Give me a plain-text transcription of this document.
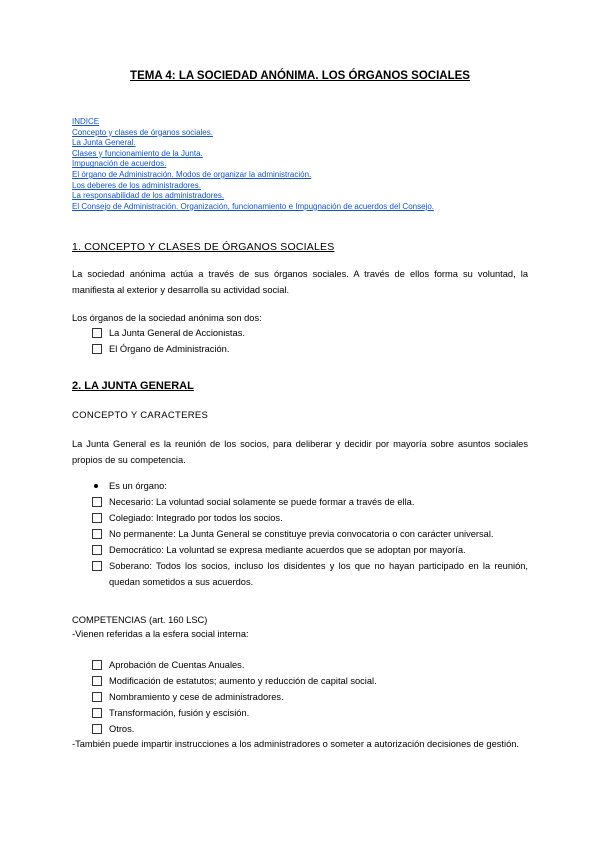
TEMA 4: LA SOCIEDAD ANÓNIMA. LOS ÓRGANOS SOCIALES
INDICE
Concepto y clases de órganos sociales.
La Junta General.
Clases y funcionamiento de la Junta.
Impugnación de acuerdos.
El órgano de Administración. Modos de organizar la administración.
Los deberes de los administradores.
La responsabilidad de los administradores.
El Consejo de Administración. Organización, funcionamiento e Impugnación de acuerdos del Consejo.
1. CONCEPTO Y CLASES DE ÓRGANOS SOCIALES
La sociedad anónima actúa a través de sus órganos sociales. A través de ellos forma su voluntad, la manifiesta al exterior y desarrolla su actividad social.
Los órganos de la sociedad anónima son dos:
La Junta General de Accionistas.
El Órgano de Administración.
2. LA JUNTA GENERAL
CONCEPTO Y CARACTERES
La Junta General es la reunión de los socios, para deliberar y decidir por mayoría sobre asuntos sociales propios de su competencia.
Es un órgano:
Necesario: La voluntad social solamente se puede formar a través de ella.
Colegiado: Integrado por todos los socios.
No permanente: La Junta General se constituye previa convocatoria o con carácter universal.
Democrático: La voluntad se expresa mediante acuerdos que se adoptan por mayoría.
Soberano: Todos los socios, incluso los disidentes y los que no hayan participado en la reunión, quedan sometidos a sus acuerdos.
COMPETENCIAS (art. 160 LSC)
-Vienen referidas a la esfera social interna:
Aprobación de Cuentas Anuales.
Modificación de estatutos; aumento y reducción de capital social.
Nombramiento y cese de administradores.
Transformación, fusión y escisión.
Otros.
-También puede impartir instrucciones a los administradores o someter a autorización decisiones de gestión.
